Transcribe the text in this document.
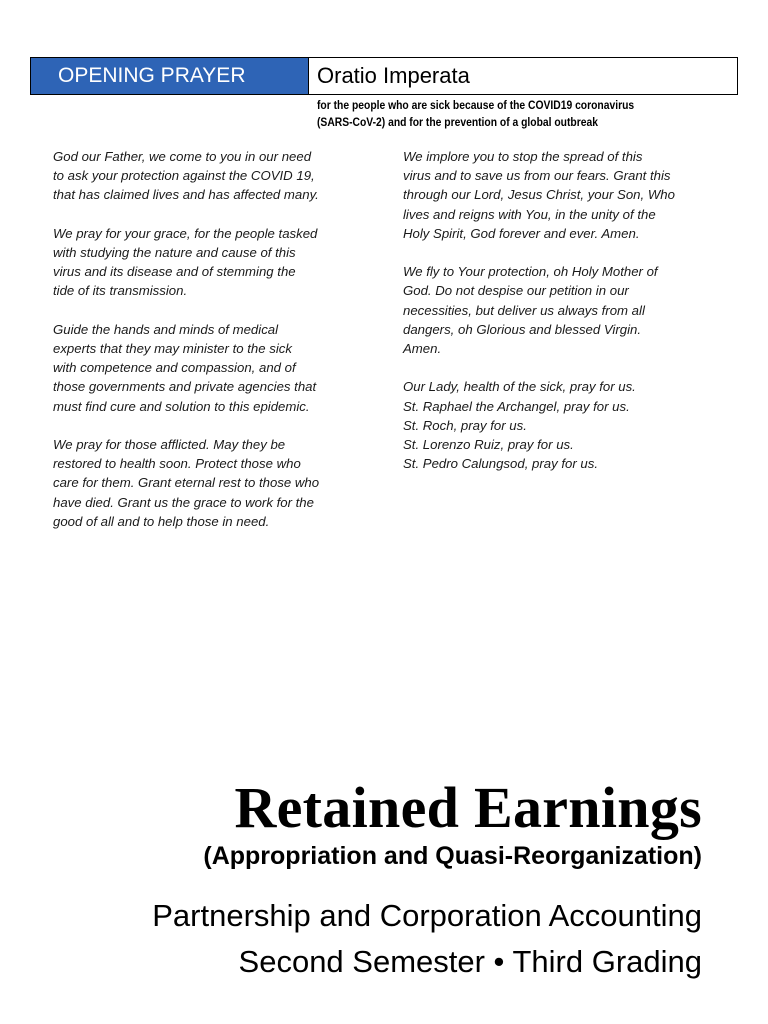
OPENING PRAYER	Oratio Imperata
for the people who are sick because of the COVID19 coronavirus
(SARS-CoV-2) and for the prevention of a global outbreak

God our Father, we come to you in our need
to ask your protection against the COVID 19,
that has claimed lives and has affected many.

We pray for your grace, for the people tasked
with studying the nature and cause of this
virus and its disease and of stemming the
tide of its transmission.

Guide the hands and minds of medical
experts that they may minister to the sick
with competence and compassion, and of
those governments and private agencies that
must find cure and solution to this epidemic.

We pray for those afflicted. May they be
restored to health soon. Protect those who
care for them. Grant eternal rest to those who
have died. Grant us the grace to work for the
good of all and to help those in need.

We implore you to stop the spread of this
virus and to save us from our fears. Grant this
through our Lord, Jesus Christ, your Son, Who
lives and reigns with You, in the unity of the
Holy Spirit, God forever and ever. Amen.

We fly to Your protection, oh Holy Mother of
God. Do not despise our petition in our
necessities, but deliver us always from all
dangers, oh Glorious and blessed Virgin.
Amen.

Our Lady, health of the sick, pray for us.
St. Raphael the Archangel, pray for us.
St. Roch, pray for us.
St. Lorenzo Ruiz, pray for us.
St. Pedro Calungsod, pray for us.

Retained Earnings
(Appropriation and Quasi-Reorganization)
Partnership and Corporation Accounting
Second Semester • Third Grading
